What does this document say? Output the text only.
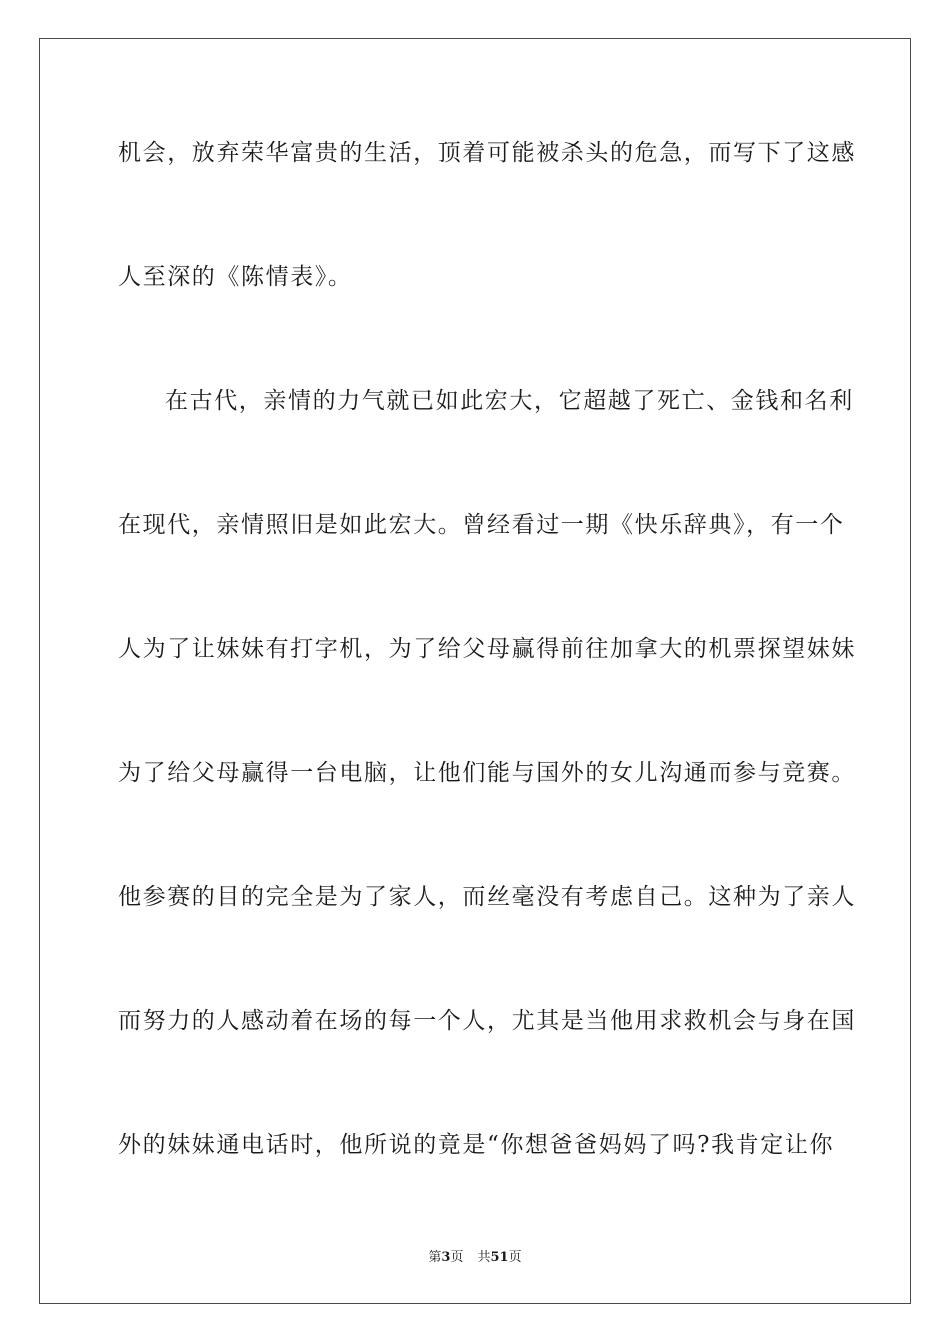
机会，放弃荣华富贵的生活，顶着可能被杀头的危急，而写下了这感

人至深的《陈情表》。

在古代，亲情的力气就已如此宏大，它超越了死亡、金钱和名利

在现代，亲情照旧是如此宏大。曾经看过一期《快乐辞典》，有一个

人为了让妹妹有打字机，为了给父母赢得前往加拿大的机票探望妹妹

为了给父母赢得一台电脑，让他们能与国外的女儿沟通而参与竞赛。

他参赛的目的完全是为了家人，而丝毫没有考虑自己。这种为了亲人

而努力的人感动着在场的每一个人，尤其是当他用求救机会与身在国

外的妹妹通电话时，他所说的竟是“你想爸爸妈妈了吗?我肯定让你

第3页 共51页
